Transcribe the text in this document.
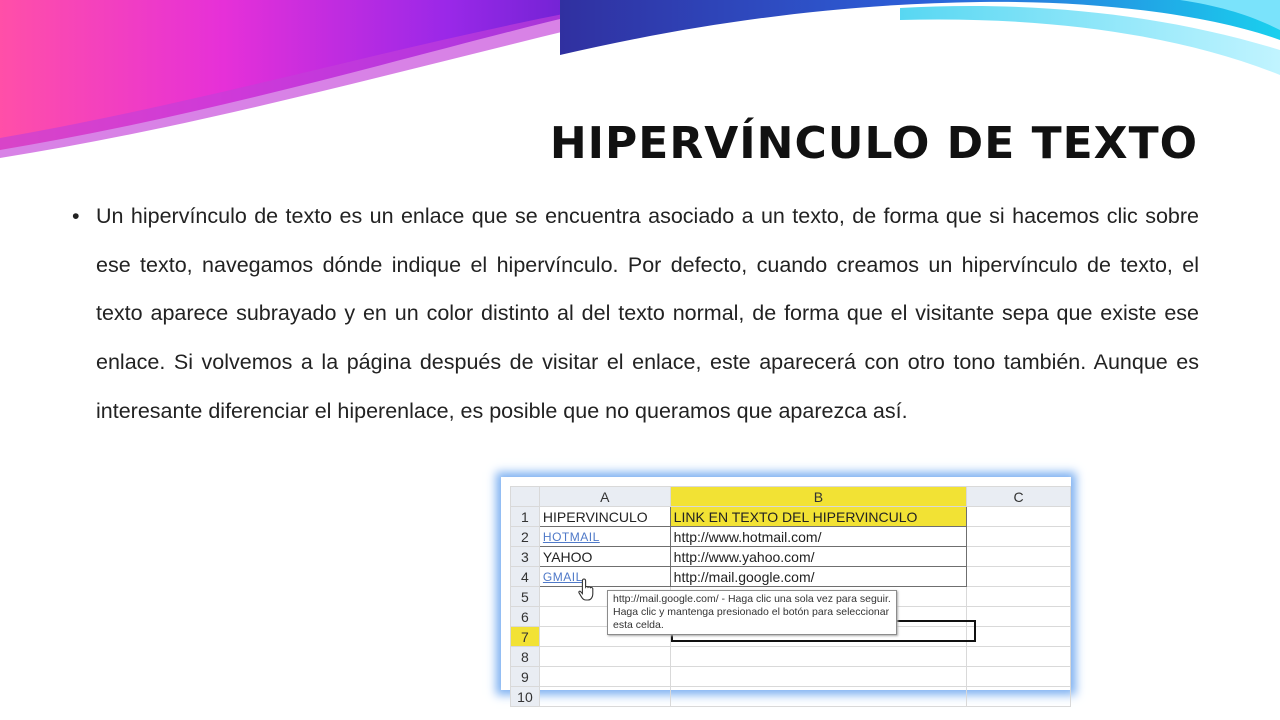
HIPERVÍNCULO DE TEXTO
• Un hipervínculo de texto es un enlace que se encuentra asociado a un texto, de forma que si hacemos clic sobre ese texto, navegamos dónde indique el hipervínculo. Por defecto, cuando creamos un hipervínculo de texto, el texto aparece subrayado y en un color distinto al del texto normal, de forma que el visitante sepa que existe ese enlace. Si volvemos a la página después de visitar el enlace, este aparecerá con otro tono también. Aunque es interesante diferenciar el hiperenlace, es posible que no queramos que aparezca así.

	A	B	C
1	HIPERVINCULO	LINK EN TEXTO DEL HIPERVINCULO	
2	HOTMAIL	http://www.hotmail.com/	
3	YAHOO	http://www.yahoo.com/	
4	GMAIL	http://mail.google.com/	
5			
6			
7			
8			
9			
10			
http://mail.google.com/ - Haga clic una sola vez para seguir. Haga clic y mantenga presionado el botón para seleccionar esta celda.
